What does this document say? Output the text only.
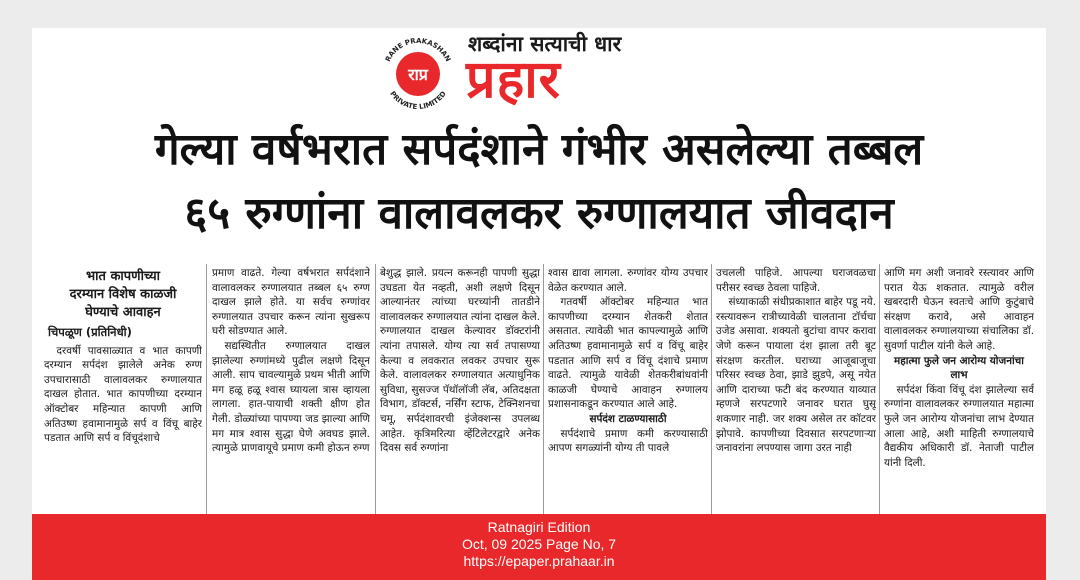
RANE PRAKASHAN
PRIVATE LIMITED
राप्र
शब्दांना सत्याची धार
प्रहार
गेल्या वर्षभरात सर्पदंशाने गंभीर असलेल्या तब्बल
६५ रुग्णांना वालावलकर रुग्णालयात जीवदान
भात कापणीच्या
दरम्यान विशेष काळजी
घेण्याचे आवाहन
चिपळूण (प्रतिनिधी)

दरवर्षी पावसाळ्यात व भात कापणी दरम्यान सर्पदंश झालेले अनेक रुग्ण उपचारासाठी वालावलकर रुग्णालयात दाखल होतात. भात कापणीच्या दरम्यान ऑक्टोबर महिन्यात कापणी आणि अतिउष्ण हवामानामुळे सर्प व विंचू बाहेर पडतात आणि सर्प व विंचूदंशाचे

प्रमाण वाढते. गेल्या वर्षभरात सर्पदंशाने वालावलकर रुग्णालयात तब्बल ६५ रुग्ण दाखल झाले होते. या सर्वच रुग्णांवर रुग्णालयात उपचार करून त्यांना सुखरूप घरी सोडण्यात आले.

सद्यस्थितीत रुग्णालयात दाखल झालेल्या रुग्णांमध्ये पुढील लक्षणे दिसून आली. साप चावल्यामुळे प्रथम भीती आणि मग हळू हळू श्वास घ्यायला त्रास व्हायला लागला. हात-पायाची शक्ती क्षीण होत गेली. डोळ्यांच्या पापण्या जड झाल्या आणि मग मात्र श्वास सुद्धा घेणे अवघड झाले. त्यामुळे प्राणवायूचे प्रमाण कमी होऊन रुग्ण

बेशुद्ध झाले. प्रयत्न करूनही पापणी सुद्धा उघडता येत नव्हती, अशी लक्षणे दिसून आल्यानंतर त्यांच्या घरच्यांनी तातडीने वालावलकर रुग्णालयात त्यांना दाखल केले. रुग्णालयात दाखल केल्यावर डॉक्टरांनी त्यांना तपासले. योग्य त्या सर्व तपासण्या केल्या व लवकरात लवकर उपचार सुरू केले. वालावलकर रुग्णालयात अत्याधुनिक सुविधा, सुसज्ज पॅथॉलॉजी लॅब, अतिदक्षता विभाग, डॉक्टर्स, नर्सिंग स्टाफ, टेक्निशनचा चमू, सर्पदंशावरची इंजेक्शन्स उपलब्ध आहेत. कृत्रिमरित्या व्हेंटिलेटरद्वारे अनेक दिवस सर्व रुग्णांना

श्वास द्यावा लागला. रुग्णांवर योग्य उपचार वेळेत करण्यात आले.

गतवर्षी ऑक्टोबर महिन्यात भात कापणीच्या दरम्यान शेतकरी शेतात असतात. त्यावेळी भात कापल्यामुळे आणि अतिउष्ण हवामानामुळे सर्प व विंचू बाहेर पडतात आणि सर्प व विंचू दंशाचे प्रमाण वाढते. त्यामुळे यावेळी शेतकरीबांधवांनी काळजी घेण्याचे आवाहन रुग्णालय प्रशासनाकडून करण्यात आले आहे.

सर्पदंश टाळण्यासाठी

सर्पदंशाचे प्रमाण कमी करण्यासाठी आपण सगळ्यांनी योग्य ती पावले

उचलली पाहिजे. आपल्या घराजवळचा परीसर स्वच्छ ठेवला पाहिजे.

संध्याकाळी संधीप्रकाशात बाहेर पडू नये. रस्त्यावरून रात्रीच्यावेळी चालताना टॉर्चचा उजेड असावा. शक्यतो बुटांचा वापर करावा जेणे करून पायाला दंश झाला तरी बूट संरक्षण करतील. घराच्या आजूबाजूचा परिसर स्वच्छ ठेवा, झाडे झुडपे, असू नयेत आणि दाराच्या फटी बंद करण्यात याव्यात म्हणजे सरपटणारे जनावर घरात घुसू शकणार नाही. जर शक्य असेल तर कॉटवर झोपावे. कापणीच्या दिवसात सरपटणाऱ्या जनावरांना लपण्यास जागा उरत नाही

आणि मग अशी जनावरे रस्त्यावर आणि परात येऊ शकतात. त्यामुळे वरील खबरदारी घेऊन स्वतःचे आणि कुटुंबाचे संरक्षण करावे, असे आवाहन वालावलकर रुग्णालयाच्या संचालिका डॉ. सुवर्णा पाटील यांनी केले आहे.

महात्मा फुले जन आरोग्य योजनांचा लाभ

सर्पदंश किंवा विंचू दंश झालेल्या सर्व रुग्णांना वालावलकर रुग्णालयात महात्मा फुले जन आरोग्य योजनांचा लाभ देण्यात आला आहे, अशी माहिती रुग्णालयाचे वैद्यकीय अधिकारी डॉ. नेताजी पाटील यांनी दिली.

Ratnagiri Edition
Oct, 09 2025 Page No, 7
https://epaper.prahaar.in
